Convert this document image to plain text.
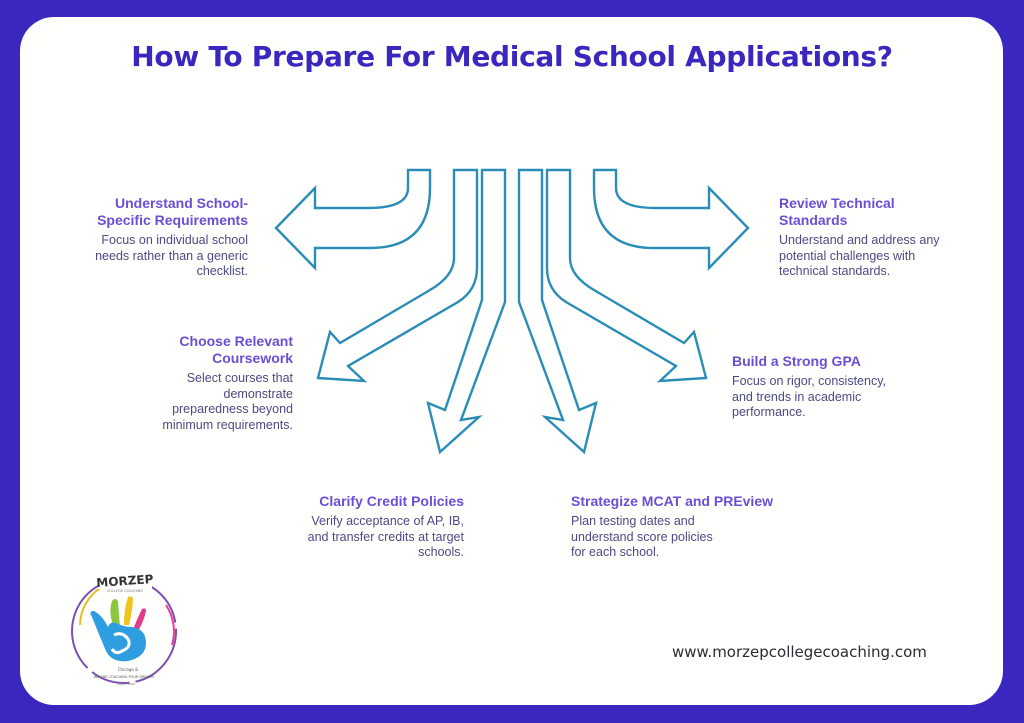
How To Prepare For Medical School Applications?
Understand School-
Specific Requirements
Focus on individual school needs rather than a generic checklist.
Choose Relevant
Coursework
Select courses that demonstrate preparedness beyond minimum requirements.
Clarify Credit Policies
Verify acceptance of AP, IB, and transfer credits at target schools.
Strategize MCAT and PREview
Plan testing dates and understand score policies for each school.
Build a Strong GPA
Focus on rigor, consistency, and trends in academic performance.
Review Technical
Standards
Understand and address any potential challenges with technical standards.
MORZEP
COLLEGE COACHING
Chicago &
WE ARE COACHING YOUR DREAMS
SINCE 2006
www.morzepcollegecoaching.com
